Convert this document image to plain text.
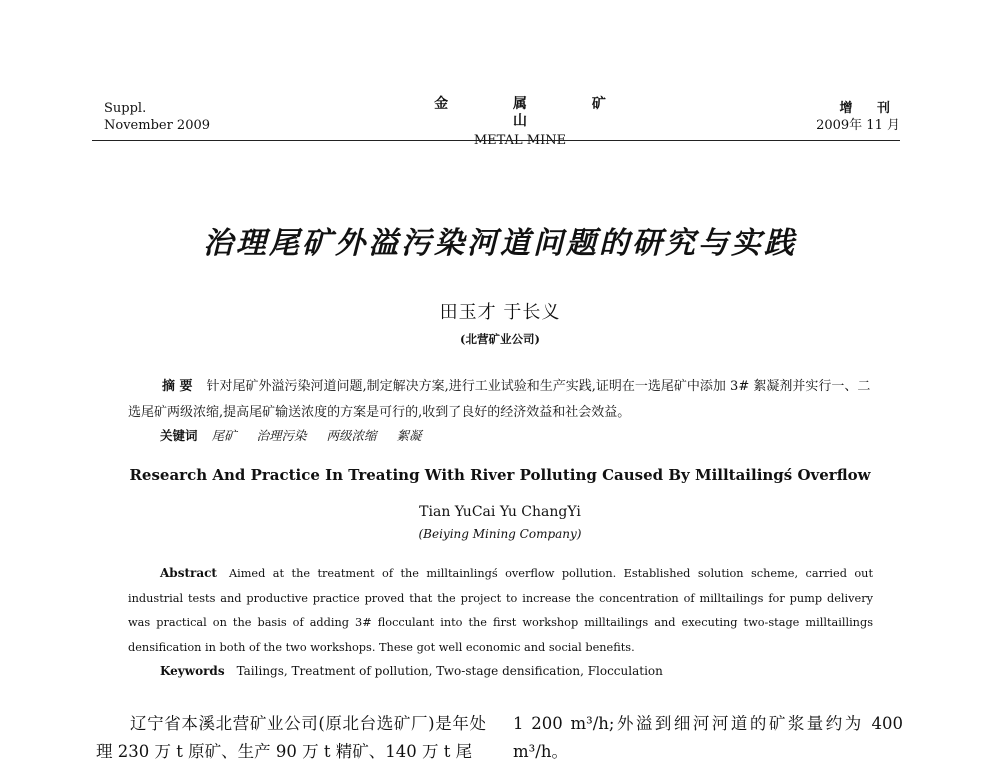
Suppl.
November 2009
金 属 矿 山
METAL MINE
增 刊
2009年 11 月
治理尾矿外溢污染河道问题的研究与实践
田玉才 于长义
(北营矿业公司)
摘 要 针对尾矿外溢污染河道问题,制定解决方案,进行工业试验和生产实践,证明在一选尾矿中添加 3# 絮凝剂并实行一、二选尾矿两级浓缩,提高尾矿输送浓度的方案是可行的,收到了良好的经济效益和社会效益。
关键词 尾矿 治理污染 两级浓缩 絮凝
Research And Practice In Treating With River Polluting Caused By Milltailingś Overflow
Tian YuCai Yu ChangYi
(Beiying Mining Company)
Abstract Aimed at the treatment of the milltainlingś overflow pollution. Established solution scheme, carried out industrial tests and productive practice proved that the project to increase the concentration of milltailings for pump delivery was practical on the basis of adding 3# flocculant into the first workshop milltailings and executing two-stage milltaillings densification in both of the two workshops. These got well economic and social benefits.
Keywords Tailings, Treatment of pollution, Two-stage densification, Flocculation
辽宁省本溪北营矿业公司(原北台选矿厂)是年处理 230 万 t 原矿、生产 90 万 t 精矿、140 万 t 尾
1 200 m³/h;外溢到细河河道的矿浆量约为 400 m³/h。
